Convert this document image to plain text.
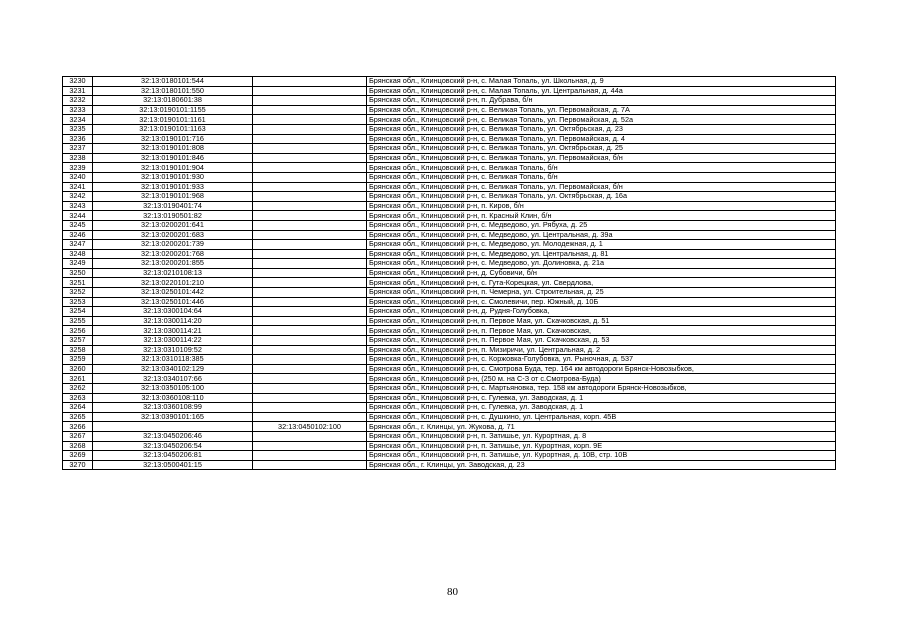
3230	32:13:0180101:544		Брянская обл., Клинцовский р-н, с. Малая Топаль, ул. Школьная, д. 9
3231	32:13:0180101:550		Брянская обл., Клинцовский р-н, с. Малая Топаль, ул. Центральная, д. 44а
3232	32:13:0180601:38		Брянская обл., Клинцовский р-н, п. Дубрава, б/н
3233	32:13:0190101:1155		Брянская обл., Клинцовский р-н, с. Великая Топаль, ул. Первомайская, д. 7А
3234	32:13:0190101:1161		Брянская обл., Клинцовский р-н, с. Великая Топаль, ул. Первомайская, д. 52а
3235	32:13:0190101:1163		Брянская обл., Клинцовский р-н, с. Великая Топаль, ул. Октябрьская, д. 23
3236	32:13:0190101:716		Брянская обл., Клинцовский р-н, с. Великая Топаль, ул. Первомайская, д. 4
3237	32:13:0190101:808		Брянская обл., Клинцовский р-н, с. Великая Топаль, ул. Октябрьская, д. 25
3238	32:13:0190101:846		Брянская обл., Клинцовский р-н, с. Великая Топаль, ул. Первомайская, б/н
3239	32:13:0190101:904		Брянская обл., Клинцовский р-н, с. Великая Топаль, б/н
3240	32:13:0190101:930		Брянская обл., Клинцовский р-н, с. Великая Топаль, б/н
3241	32:13:0190101:933		Брянская обл., Клинцовский р-н, с. Великая Топаль, ул. Первомайская, б/н
3242	32:13:0190101:968		Брянская обл., Клинцовский р-н, с. Великая Топаль, ул. Октябрьская, д. 16а
3243	32:13:0190401:74		Брянская обл., Клинцовский р-н, п. Киров, б/н
3244	32:13:0190501:82		Брянская обл., Клинцовский р-н, п. Красный Клин, б/н
3245	32:13:0200201:641		Брянская обл., Клинцовский р-н, с. Медведово, ул. Рябуха, д. 25
3246	32:13:0200201:683		Брянская обл., Клинцовский р-н, с. Медведово, ул. Центральная, д. 39а
3247	32:13:0200201:739		Брянская обл., Клинцовский р-н, с. Медведово, ул. Молодежная, д. 1
3248	32:13:0200201:768		Брянская обл., Клинцовский р-н, с. Медведово, ул. Центральная, д. 81
3249	32:13:0200201:855		Брянская обл., Клинцовский р-н, с. Медведово, ул. Долиновка, д. 21а
3250	32:13:0210108:13		Брянская обл., Клинцовский р-н, д. Субовичи, б/н
3251	32:13:0220101:210		Брянская обл., Клинцовский р-н, с. Гута-Корецкая, ул. Свердлова,
3252	32:13:0250101:442		Брянская обл., Клинцовский р-н, п. Чемерна, ул. Строительная, д. 25
3253	32:13:0250101:446		Брянская обл., Клинцовский р-н, с. Смолевичи, пер. Южный, д. 10Б
3254	32:13:0300104:64		Брянская обл., Клинцовский р-н, д. Рудня-Голубовка,
3255	32:13:0300114:20		Брянская обл., Клинцовский р-н, п. Первое Мая, ул. Скачковская, д. 51
3256	32:13:0300114:21		Брянская обл., Клинцовский р-н, п. Первое Мая, ул. Скачковская,
3257	32:13:0300114:22		Брянская обл., Клинцовский р-н, п. Первое Мая, ул. Скачковская, д. 53
3258	32:13:0310109:52		Брянская обл., Клинцовский р-н, п. Мизиричи, ул. Центральная, д. 2
3259	32:13:0310118:385		Брянская обл., Клинцовский р-н, с. Коржовка-Голубовка, ул. Рыночная, д. 537
3260	32:13:0340102:129		Брянская обл., Клинцовский р-н, с. Смотрова Буда, тер. 164 км автодороги Брянск-Новозыбков,
3261	32:13:0340107:66		Брянская обл., Клинцовский р-н, (250 м. на С-З от с.Смотрова-Буда)
3262	32:13:0350105:100		Брянская обл., Клинцовский р-н, с. Мартьяновка, тер. 158 км автодороги Брянск-Новозыбков,
3263	32:13:0360108:110		Брянская обл., Клинцовский р-н, с. Гулевка, ул. Заводская, д. 1
3264	32:13:0360108:99		Брянская обл., Клинцовский р-н, с. Гулевка, ул. Заводская, д. 1
3265	32:13:0390101:165		Брянская обл., Клинцовский р-н, с. Душкино, ул. Центральная, корп. 45В
3266		32:13:0450102:100	Брянская обл., г. Клинцы, ул. Жукова, д. 71
3267	32:13:0450206:46		Брянская обл., Клинцовский р-н, п. Затишье, ул. Курортная, д. 8
3268	32:13:0450206:54		Брянская обл., Клинцовский р-н, п. Затишье, ул. Курортная, корп. 9Е
3269	32:13:0450206:81		Брянская обл., Клинцовский р-н, п. Затишье, ул. Курортная, д. 10В, стр. 10В
3270	32:13:0500401:15		Брянская обл., г. Клинцы, ул. Заводская, д. 23
80
